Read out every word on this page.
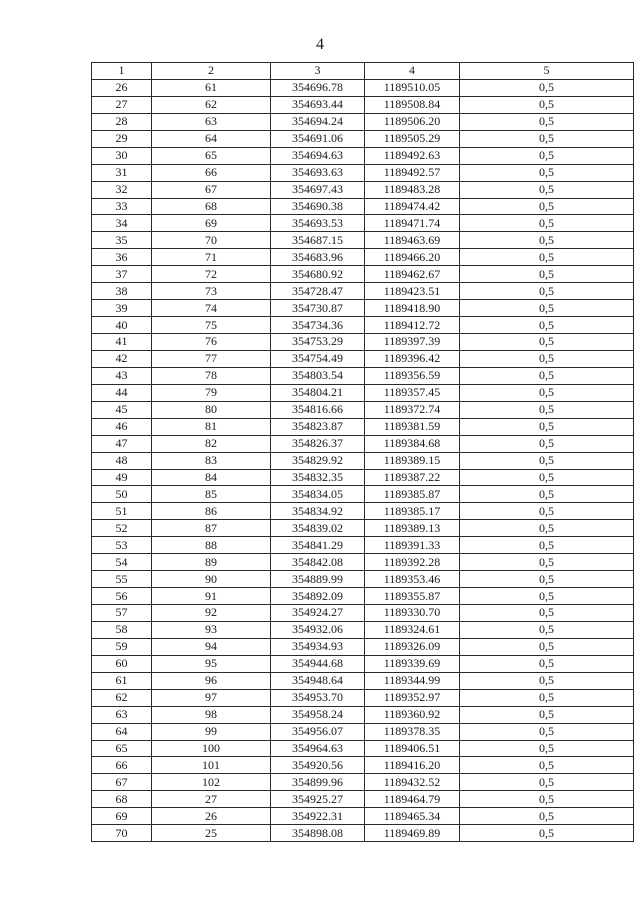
4
1	2	3	4	5
26	61	354696.78	1189510.05	0,5
27	62	354693.44	1189508.84	0,5
28	63	354694.24	1189506.20	0,5
29	64	354691.06	1189505.29	0,5
30	65	354694.63	1189492.63	0,5
31	66	354693.63	1189492.57	0,5
32	67	354697.43	1189483.28	0,5
33	68	354690.38	1189474.42	0,5
34	69	354693.53	1189471.74	0,5
35	70	354687.15	1189463.69	0,5
36	71	354683.96	1189466.20	0,5
37	72	354680.92	1189462.67	0,5
38	73	354728.47	1189423.51	0,5
39	74	354730.87	1189418.90	0,5
40	75	354734.36	1189412.72	0,5
41	76	354753.29	1189397.39	0,5
42	77	354754.49	1189396.42	0,5
43	78	354803.54	1189356.59	0,5
44	79	354804.21	1189357.45	0,5
45	80	354816.66	1189372.74	0,5
46	81	354823.87	1189381.59	0,5
47	82	354826.37	1189384.68	0,5
48	83	354829.92	1189389.15	0,5
49	84	354832.35	1189387.22	0,5
50	85	354834.05	1189385.87	0,5
51	86	354834.92	1189385.17	0,5
52	87	354839.02	1189389.13	0,5
53	88	354841.29	1189391.33	0,5
54	89	354842.08	1189392.28	0,5
55	90	354889.99	1189353.46	0,5
56	91	354892.09	1189355.87	0,5
57	92	354924.27	1189330.70	0,5
58	93	354932.06	1189324.61	0,5
59	94	354934.93	1189326.09	0,5
60	95	354944.68	1189339.69	0,5
61	96	354948.64	1189344.99	0,5
62	97	354953.70	1189352.97	0,5
63	98	354958.24	1189360.92	0,5
64	99	354956.07	1189378.35	0,5
65	100	354964.63	1189406.51	0,5
66	101	354920.56	1189416.20	0,5
67	102	354899.96	1189432.52	0,5
68	27	354925.27	1189464.79	0,5
69	26	354922.31	1189465.34	0,5
70	25	354898.08	1189469.89	0,5
